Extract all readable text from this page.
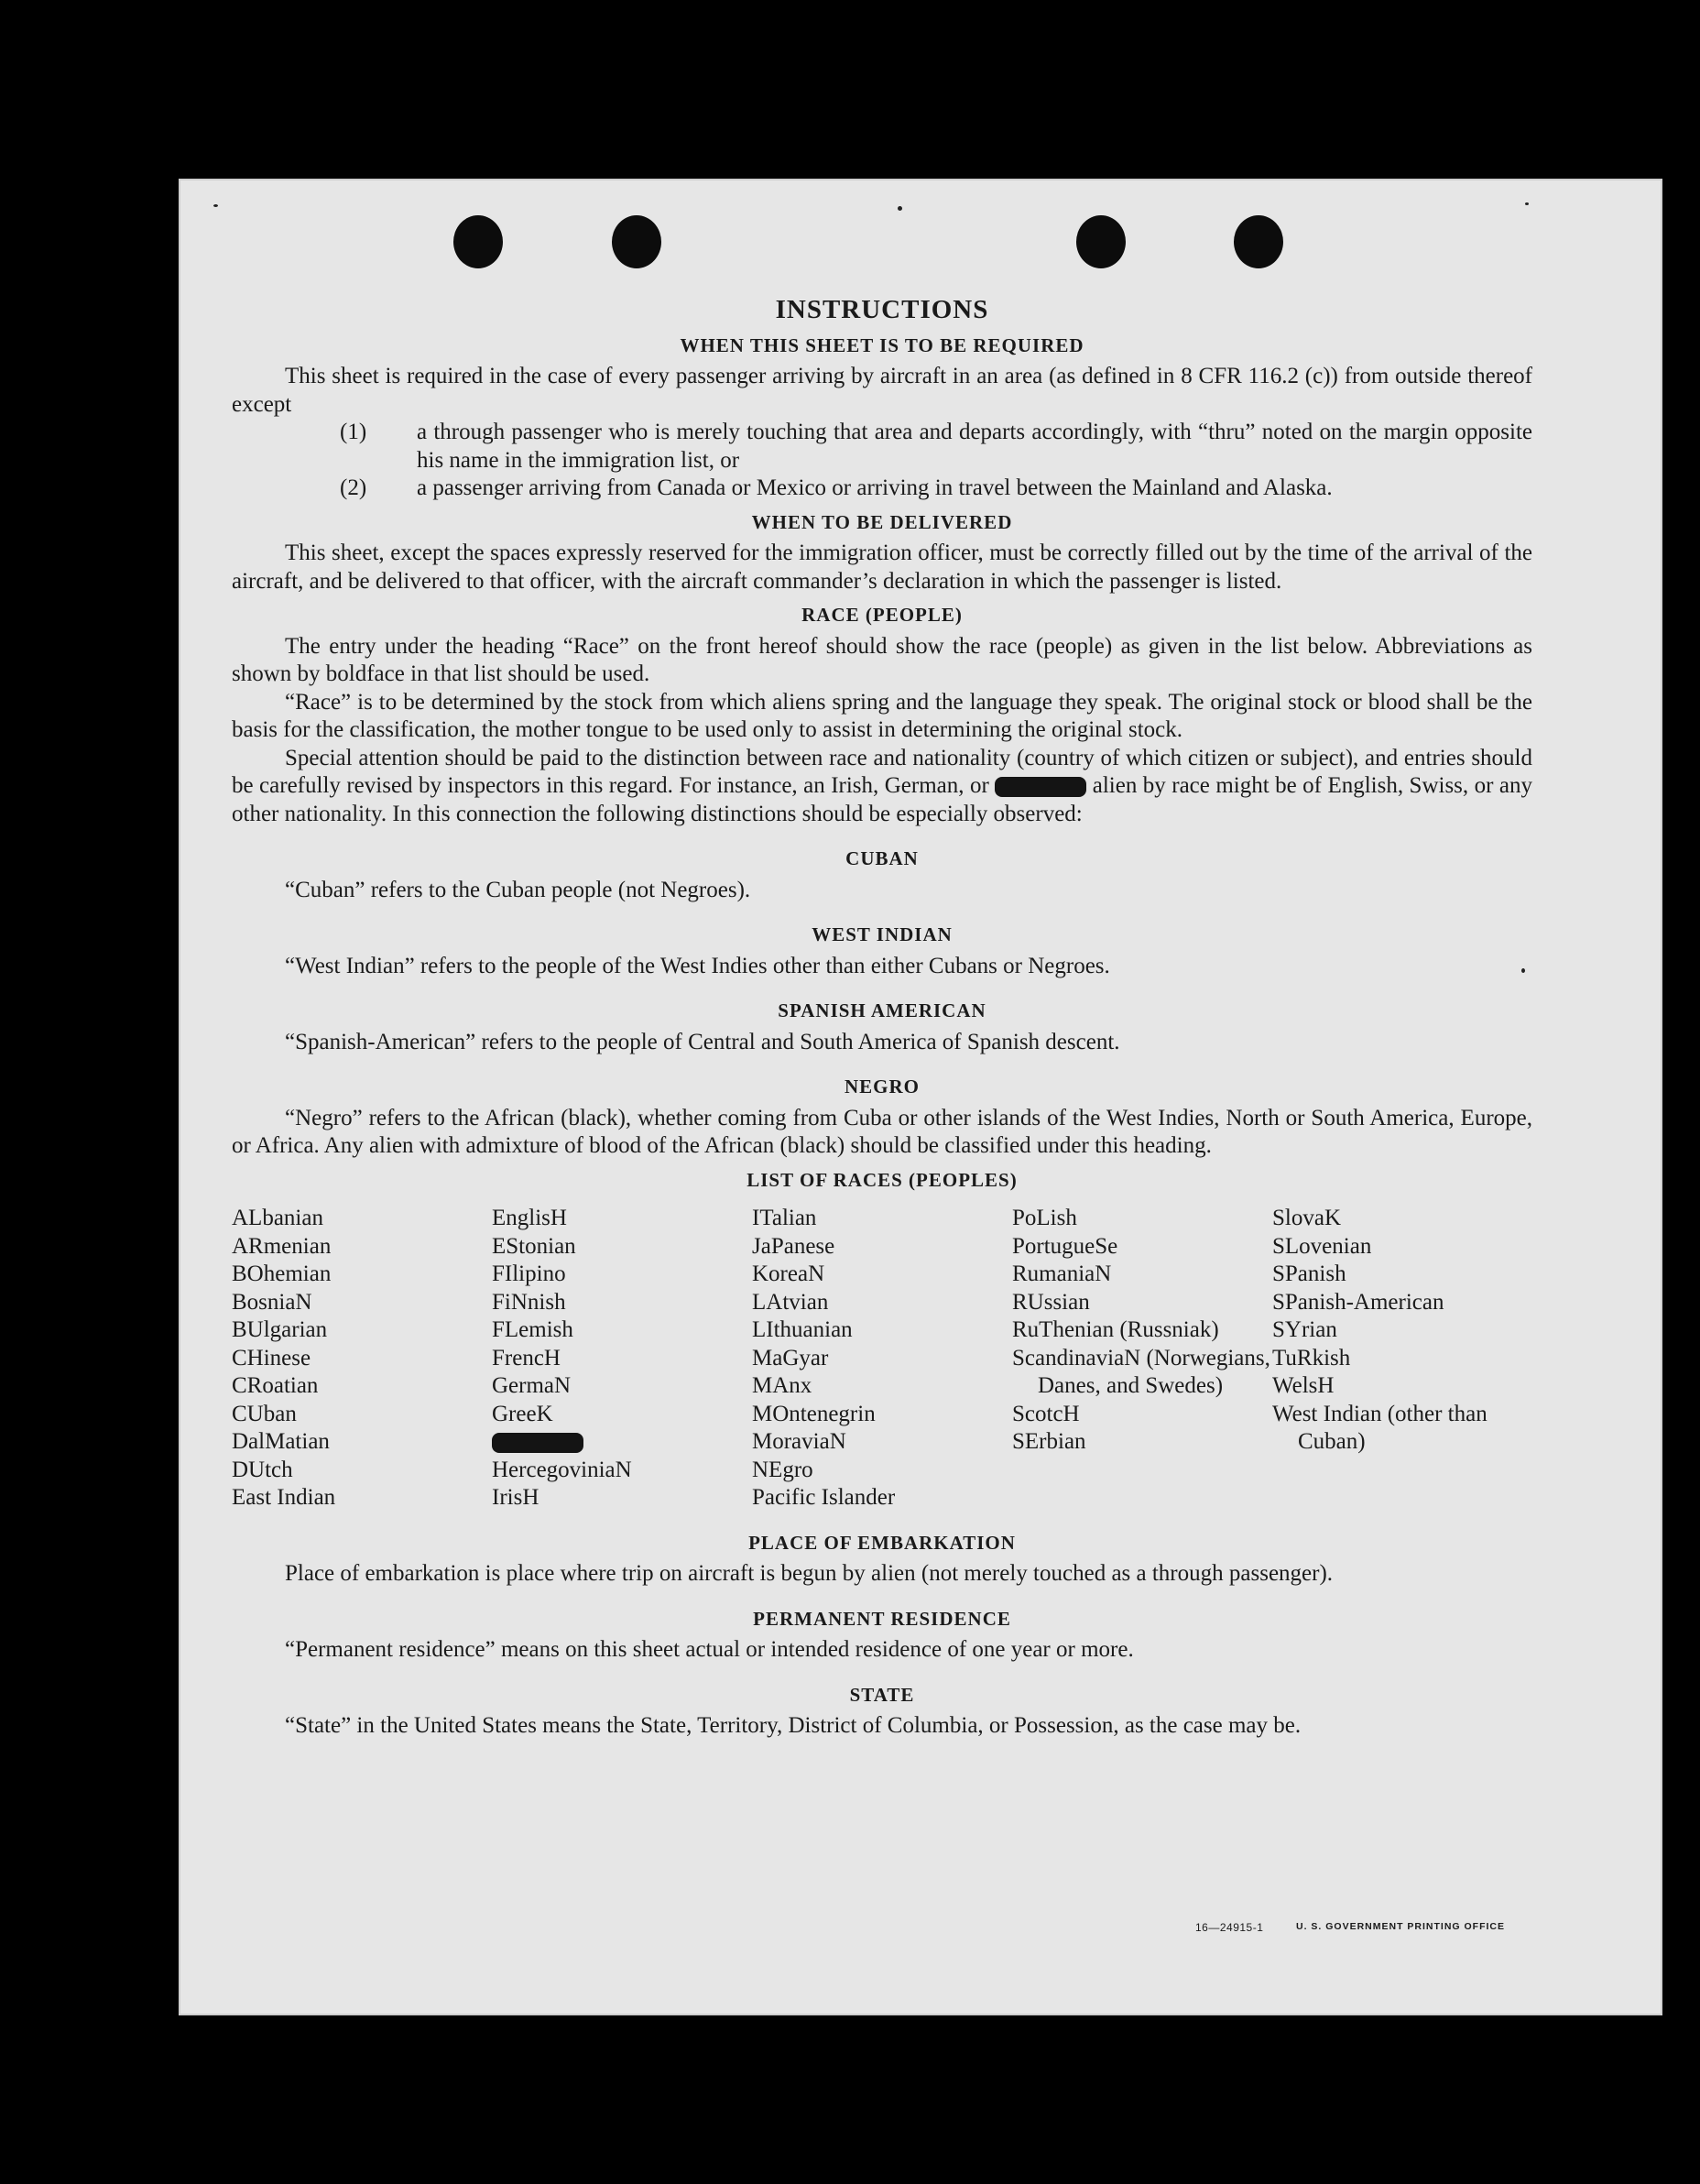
INSTRUCTIONS
WHEN THIS SHEET IS TO BE REQUIRED

This sheet is required in the case of every passenger arriving by aircraft in an area (as defined in 8 CFR 116.2 (c)) from outside thereof except

(1) a through passenger who is merely touching that area and departs accordingly, with “thru” noted on the margin opposite his name in the immigration list, or
(2) a passenger arriving from Canada or Mexico or arriving in travel between the Mainland and Alaska.
WHEN TO BE DELIVERED

This sheet, except the spaces expressly reserved for the immigration officer, must be correctly filled out by the time of the arrival of the aircraft, and be delivered to that officer, with the aircraft commander’s declaration in which the passenger is listed.

RACE (PEOPLE)

The entry under the heading “Race” on the front hereof should show the race (people) as given in the list below. Abbreviations as shown by boldface in that list should be used.

“Race” is to be determined by the stock from which aliens spring and the language they speak. The original stock or blood shall be the basis for the classification, the mother tongue to be used only to assist in determining the original stock.

Special attention should be paid to the distinction between race and nationality (country of which citizen or subject), and entries should be carefully revised by inspectors in this regard. For instance, an Irish, German, or	alien by race might be of English, Swiss, or any other nationality. In this connection the following distinctions should be especially observed:

CUBAN

“Cuban” refers to the Cuban people (not Negroes).

WEST INDIAN

“West Indian” refers to the people of the West Indies other than either Cubans or Negroes.

SPANISH AMERICAN

“Spanish-American” refers to the people of Central and South America of Spanish descent.

NEGRO

“Negro” refers to the African (black), whether coming from Cuba or other islands of the West Indies, North or South America, Europe, or Africa. Any alien with admixture of blood of the African (black) should be classified under this heading.

LIST OF RACES (PEOPLES)
ALbanian
ARmenian
BOhemian
BosniaN
BUlgarian
CHinese
CRoatian
CUban
DalMatian
DUtch
East Indian
EnglisH
EStonian
FIlipino
FiNnish
FLemish
FrencH
GermaN
GreeK
HercegoviniaN
IrisH
ITalian
JaPanese
KoreaN
LAtvian
LIthuanian
MaGyar
MAnx
MOntenegrin
MoraviaN
NEgro
Pacific Islander
PoLish
PortugueSe
RumaniaN
RUssian
RuThenian (Russniak)
ScandinaviaN (Norwegians, Danes, and Swedes)
ScotcH
SErbian
SlovaK
SLovenian
SPanish
SPanish-American
SYrian
TuRkish
WelsH
West Indian (other than Cuban)
PLACE OF EMBARKATION

Place of embarkation is place where trip on aircraft is begun by alien (not merely touched as a through passenger).

PERMANENT RESIDENCE

“Permanent residence” means on this sheet actual or intended residence of one year or more.

STATE

“State” in the United States means the State, Territory, District of Columbia, or Possession, as the case may be.

16—24915-1	U. S. GOVERNMENT PRINTING OFFICE
